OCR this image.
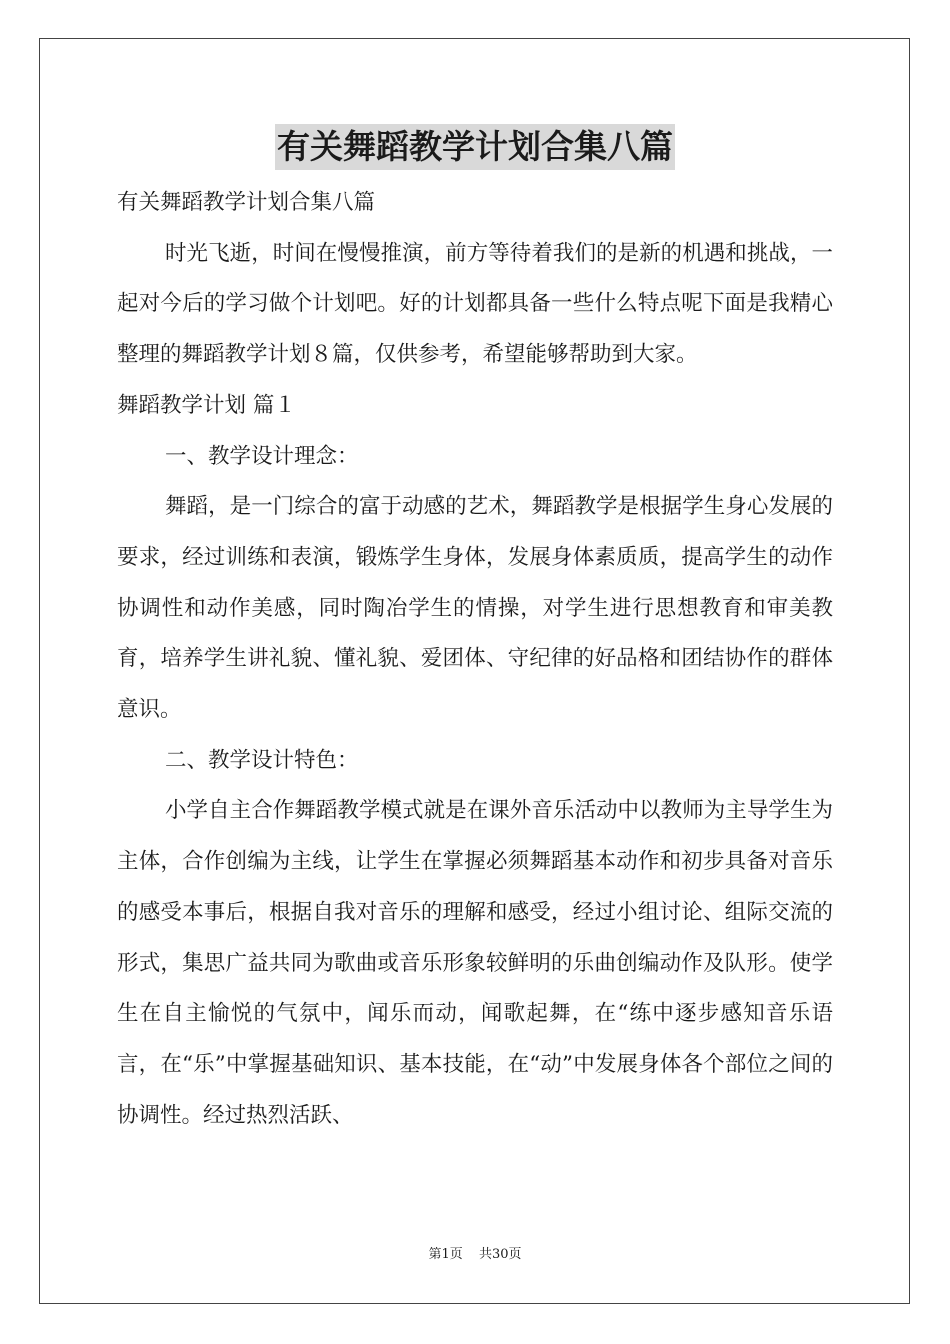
有关舞蹈教学计划合集八篇

有关舞蹈教学计划合集八篇

时光飞逝，时间在慢慢推演，前方等待着我们的是新的机遇和挑战，一起对今后的学习做个计划吧。好的计划都具备一些什么特点呢下面是我精心整理的舞蹈教学计划８篇，仅供参考，希望能够帮助到大家。

舞蹈教学计划 篇１

一、教学设计理念：

舞蹈，是一门综合的富于动感的艺术，舞蹈教学是根据学生身心发展的要求，经过训练和表演，锻炼学生身体，发展身体素质质，提高学生的动作协调性和动作美感，同时陶冶学生的情操，对学生进行思想教育和审美教育，培养学生讲礼貌、懂礼貌、爱团体、守纪律的好品格和团结协作的群体意识。

二、教学设计特色：

小学自主合作舞蹈教学模式就是在课外音乐活动中以教师为主导学生为主体，合作创编为主线，让学生在掌握必须舞蹈基本动作和初步具备对音乐的感受本事后，根据自我对音乐的理解和感受，经过小组讨论、组际交流的形式，集思广益共同为歌曲或音乐形象较鲜明的乐曲创编动作及队形。使学生在自主愉悦的气氛中，闻乐而动，闻歌起舞，在“练中逐步感知音乐语言，在“乐”中掌握基础知识、基本技能，在“动”中发展身体各个部位之间的协调性。经过热烈活跃、

第1页 共30页
